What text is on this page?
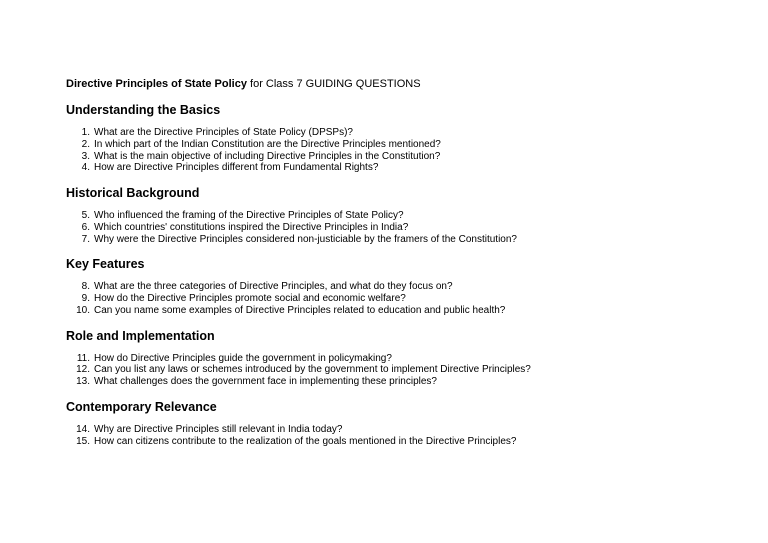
Directive Principles of State Policy for Class 7 GUIDING QUESTIONS

Understanding the Basics
1. What are the Directive Principles of State Policy (DPSPs)?
2. In which part of the Indian Constitution are the Directive Principles mentioned?
3. What is the main objective of including Directive Principles in the Constitution?
4. How are Directive Principles different from Fundamental Rights?
Historical Background
5. Who influenced the framing of the Directive Principles of State Policy?
6. Which countries' constitutions inspired the Directive Principles in India?
7. Why were the Directive Principles considered non-justiciable by the framers of the Constitution?
Key Features
8. What are the three categories of Directive Principles, and what do they focus on?
9. How do the Directive Principles promote social and economic welfare?
10. Can you name some examples of Directive Principles related to education and public health?
Role and Implementation
11. How do Directive Principles guide the government in policymaking?
12. Can you list any laws or schemes introduced by the government to implement Directive Principles?
13. What challenges does the government face in implementing these principles?
Contemporary Relevance
14. Why are Directive Principles still relevant in India today?
15. How can citizens contribute to the realization of the goals mentioned in the Directive Principles?
